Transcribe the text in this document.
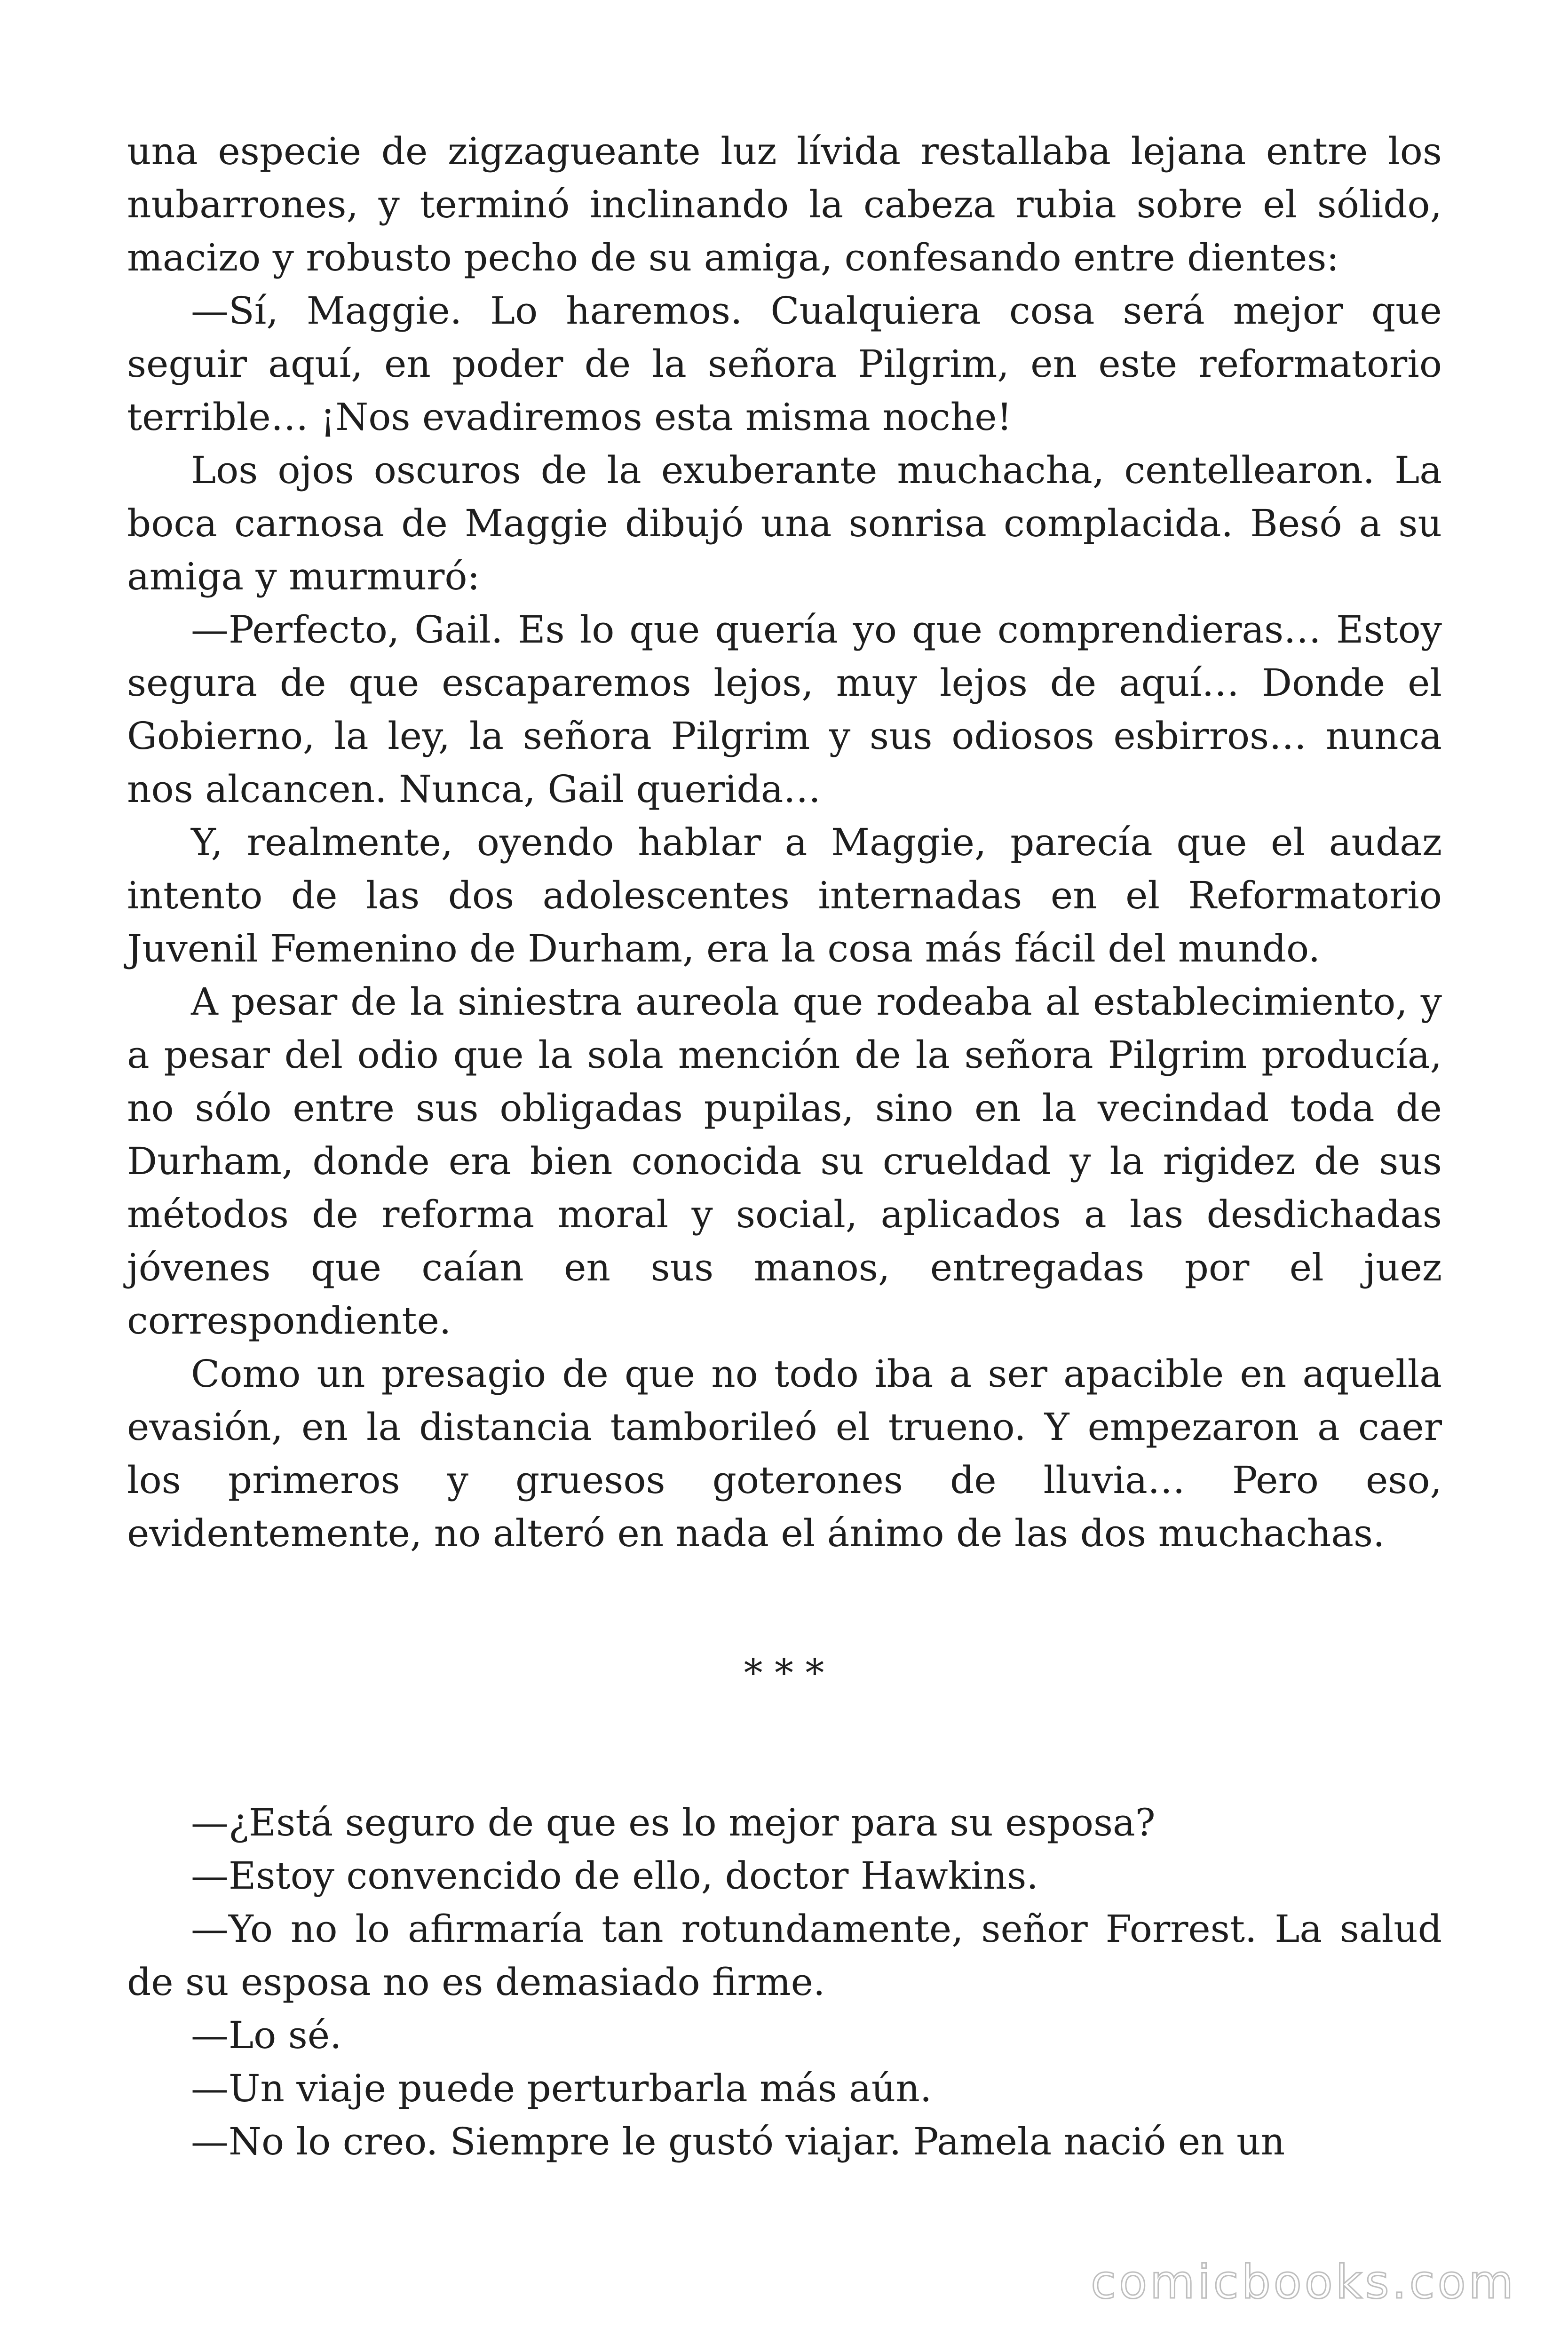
una especie de zigzagueante luz lívida restallaba lejana entre los nubarrones, y terminó inclinando la cabeza rubia sobre el sólido, macizo y robusto pecho de su amiga, confesando entre dientes:

—Sí, Maggie. Lo haremos. Cualquiera cosa será mejor que seguir aquí, en poder de la señora Pilgrim, en este reformatorio terrible… ¡Nos evadiremos esta misma noche!

Los ojos oscuros de la exuberante muchacha, centellearon. La boca carnosa de Maggie dibujó una sonrisa complacida. Besó a su amiga y murmuró:

—Perfecto, Gail. Es lo que quería yo que comprendieras… Estoy segura de que escaparemos lejos, muy lejos de aquí… Donde el Gobierno, la ley, la señora Pilgrim y sus odiosos esbirros… nunca nos alcancen. Nunca, Gail querida…

Y, realmente, oyendo hablar a Maggie, parecía que el audaz intento de las dos adolescentes internadas en el Reformatorio Juvenil Femenino de Durham, era la cosa más fácil del mundo.

A pesar de la siniestra aureola que rodeaba al establecimiento, y a pesar del odio que la sola mención de la señora Pilgrim producía, no sólo entre sus obligadas pupilas, sino en la vecindad toda de Durham, donde era bien conocida su crueldad y la rigidez de sus métodos de reforma moral y social, aplicados a las desdichadas jóvenes que caían en sus manos, entregadas por el juez correspondiente.

Como un presagio de que no todo iba a ser apacible en aquella evasión, en la distancia tamborileó el trueno. Y empezaron a caer los primeros y gruesos goterones de lluvia… Pero eso, evidentemente, no alteró en nada el ánimo de las dos muchachas.

* * *

—¿Está seguro de que es lo mejor para su esposa?

—Estoy convencido de ello, doctor Hawkins.

—Yo no lo afirmaría tan rotundamente, señor Forrest. La salud de su esposa no es demasiado firme.

—Lo sé.

—Un viaje puede perturbarla más aún.

—No lo creo. Siempre le gustó viajar. Pamela nació en un

comicbooks.com
